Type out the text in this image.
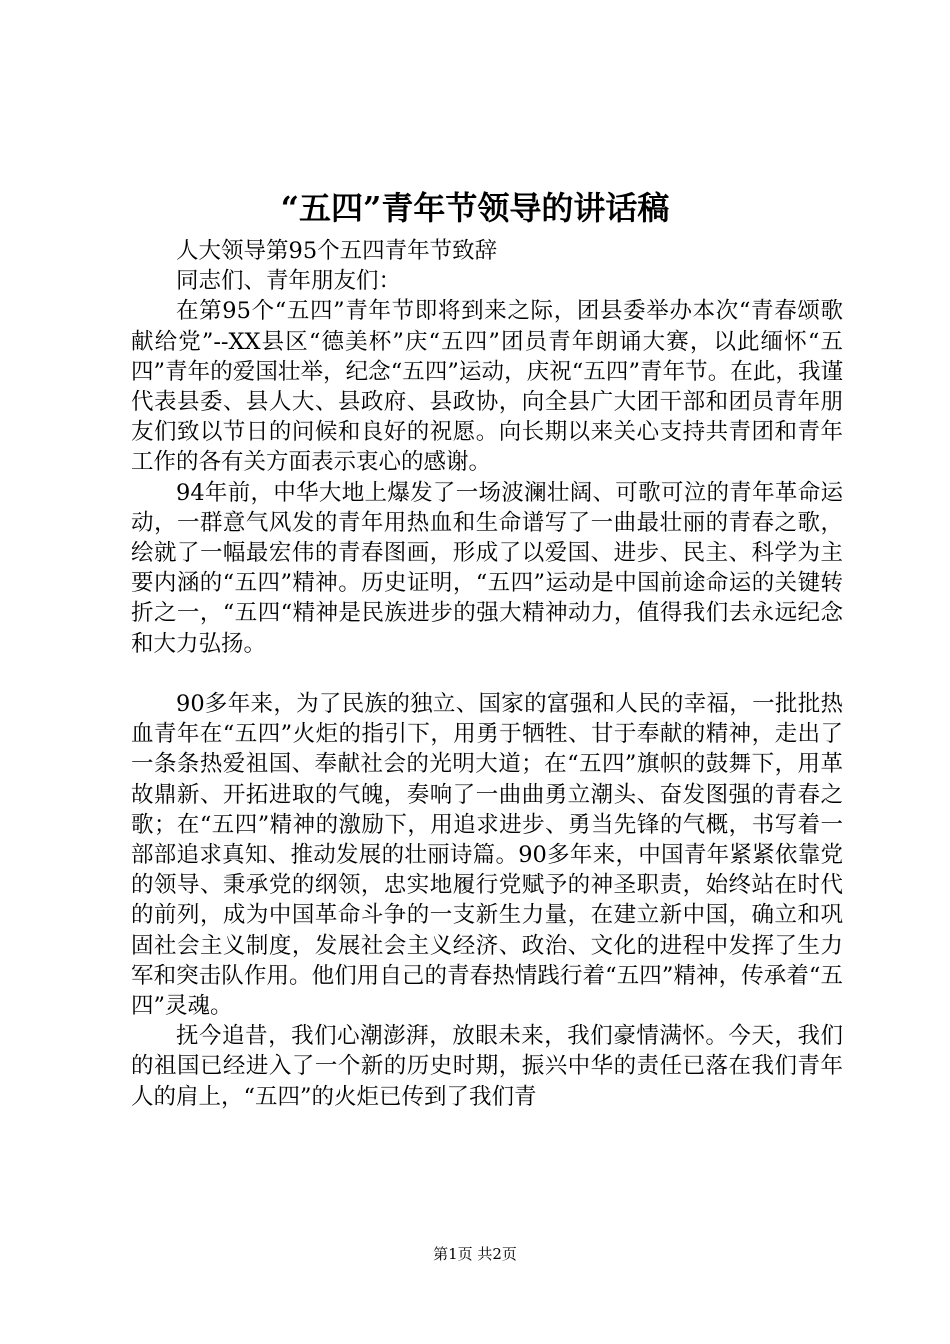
“五四”青年节领导的讲话稿

人大领导第95个五四青年节致辞

同志们、青年朋友们：

在第95个“五四”青年节即将到来之际，团县委举办本次“青春颂歌献给党”--XX县区“德美杯”庆“五四”团员青年朗诵大赛，以此缅怀“五四”青年的爱国壮举，纪念“五四”运动，庆祝“五四”青年节。在此，我谨代表县委、县人大、县政府、县政协，向全县广大团干部和团员青年朋友们致以节日的问候和良好的祝愿。向长期以来关心支持共青团和青年工作的各有关方面表示衷心的感谢。

94年前，中华大地上爆发了一场波澜壮阔、可歌可泣的青年革命运动，一群意气风发的青年用热血和生命谱写了一曲最壮丽的青春之歌，绘就了一幅最宏伟的青春图画，形成了以爱国、进步、民主、科学为主要内涵的“五四”精神。历史证明，“五四”运动是中国前途命运的关键转折之一，“五四“精神是民族进步的强大精神动力，值得我们去永远纪念和大力弘扬。

90多年来，为了民族的独立、国家的富强和人民的幸福，一批批热血青年在“五四”火炬的指引下，用勇于牺牲、甘于奉献的精神，走出了一条条热爱祖国、奉献社会的光明大道；在“五四”旗帜的鼓舞下，用革故鼎新、开拓进取的气魄，奏响了一曲曲勇立潮头、奋发图强的青春之歌；在“五四”精神的激励下，用追求进步、勇当先锋的气概，书写着一部部追求真知、推动发展的壮丽诗篇。90多年来，中国青年紧紧依靠党的领导、秉承党的纲领，忠实地履行党赋予的神圣职责，始终站在时代的前列，成为中国革命斗争的一支新生力量，在建立新中国，确立和巩固社会主义制度，发展社会主义经济、政治、文化的进程中发挥了生力军和突击队作用。他们用自己的青春热情践行着“五四”精神，传承着“五四”灵魂。

抚今追昔，我们心潮澎湃，放眼未来，我们豪情满怀。今天，我们的祖国已经进入了一个新的历史时期，振兴中华的责任已落在我们青年人的肩上，“五四”的火炬已传到了我们青

第1页 共2页
